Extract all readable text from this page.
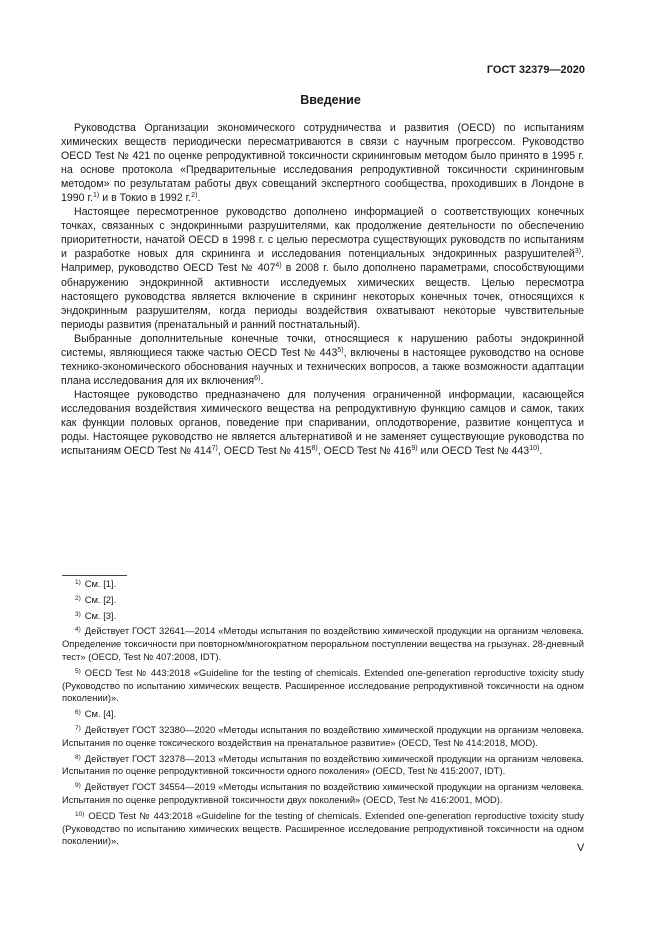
ГОСТ 32379—2020
Введение

Руководства Организации экономического сотрудничества и развития (OECD) по испытаниям химических веществ периодически пересматриваются в связи с научным прогрессом. Руководство OECD Test № 421 по оценке репродуктивной токсичности скрининговым методом было принято в 1995 г. на основе протокола «Предварительные исследования репродуктивной токсичности скрининговым методом» по результатам работы двух совещаний экспертного сообщества, проходивших в Лондоне в 1990 г.$^{1)}$ и в Токио в 1992 г.$^{2)}$.

Настоящее пересмотренное руководство дополнено информацией о соответствующих конечных точках, связанных с эндокринными разрушителями, как продолжение деятельности по обеспечению приоритетности, начатой OECD в 1998 г. с целью пересмотра существующих руководств по испытаниям и разработке новых для скрининга и исследования потенциальных эндокринных разрушителей$^{3)}$. Например, руководство OECD Test № 407$^{4)}$ в 2008 г. было дополнено параметрами, способствующими обнаружению эндокринной активности исследуемых химических веществ. Целью пересмотра настоящего руководства является включение в скрининг некоторых конечных точек, относящихся к эндокринным разрушителям, когда периоды воздействия охватывают некоторые чувствительные периоды развития (пренатальный и ранний постнатальный).

Выбранные дополнительные конечные точки, относящиеся к нарушению работы эндокринной системы, являющиеся также частью OECD Test № 443$^{5)}$, включены в настоящее руководство на основе технико-экономического обоснования научных и технических вопросов, а также возможности адаптации плана исследования для их включения$^{6)}$.

Настоящее руководство предназначено для получения ограниченной информации, касающейся исследования воздействия химического вещества на репродуктивную функцию самцов и самок, таких как функции половых органов, поведение при спаривании, оплодотворение, развитие концептуса и роды. Настоящее руководство не является альтернативой и не заменяет существующие руководства по испытаниям OECD Test № 414$^{7)}$, OECD Test № 415$^{8)}$, OECD Test № 416$^{9)}$ или OECD Test № 443$^{10)}$.

$^{1)}$ См. [1].

$^{2)}$ См. [2].

$^{3)}$ См. [3].

$^{4)}$ Действует ГОСТ 32641—2014 «Методы испытания по воздействию химической продукции на организм человека. Определение токсичности при повторном/многократном пероральном поступлении вещества на грызунах. 28-дневный тест» (OECD, Test № 407:2008, IDT).

$^{5)}$ OECD Test № 443:2018 «Guideline for the testing of chemicals. Extended one-generation reproductive toxicity study (Руководство по испытанию химических веществ. Расширенное исследование репродуктивной токсичности на одном поколении)».

$^{6)}$ См. [4].

$^{7)}$ Действует ГОСТ 32380—2020 «Методы испытания по воздействию химической продукции на организм человека. Испытания по оценке токсического воздействия на пренатальное развитие» (OECD, Test № 414:2018, MOD).

$^{8)}$ Действует ГОСТ 32378—2013 «Методы испытания по воздействию химической продукции на организм человека. Испытания по оценке репродуктивной токсичности одного поколения» (OECD, Test № 415:2007, IDT).

$^{9)}$ Действует ГОСТ 34554—2019 «Методы испытания по воздействию химической продукции на организм человека. Испытания по оценке репродуктивной токсичности двух поколений» (OECD, Test № 416:2001, MOD).

$^{10)}$ OECD Test № 443:2018 «Guideline for the testing of chemicals. Extended one-generation reproductive toxicity study (Руководство по испытанию химических веществ. Расширенное исследование репродуктивной токсичности на одном поколении)».

V
